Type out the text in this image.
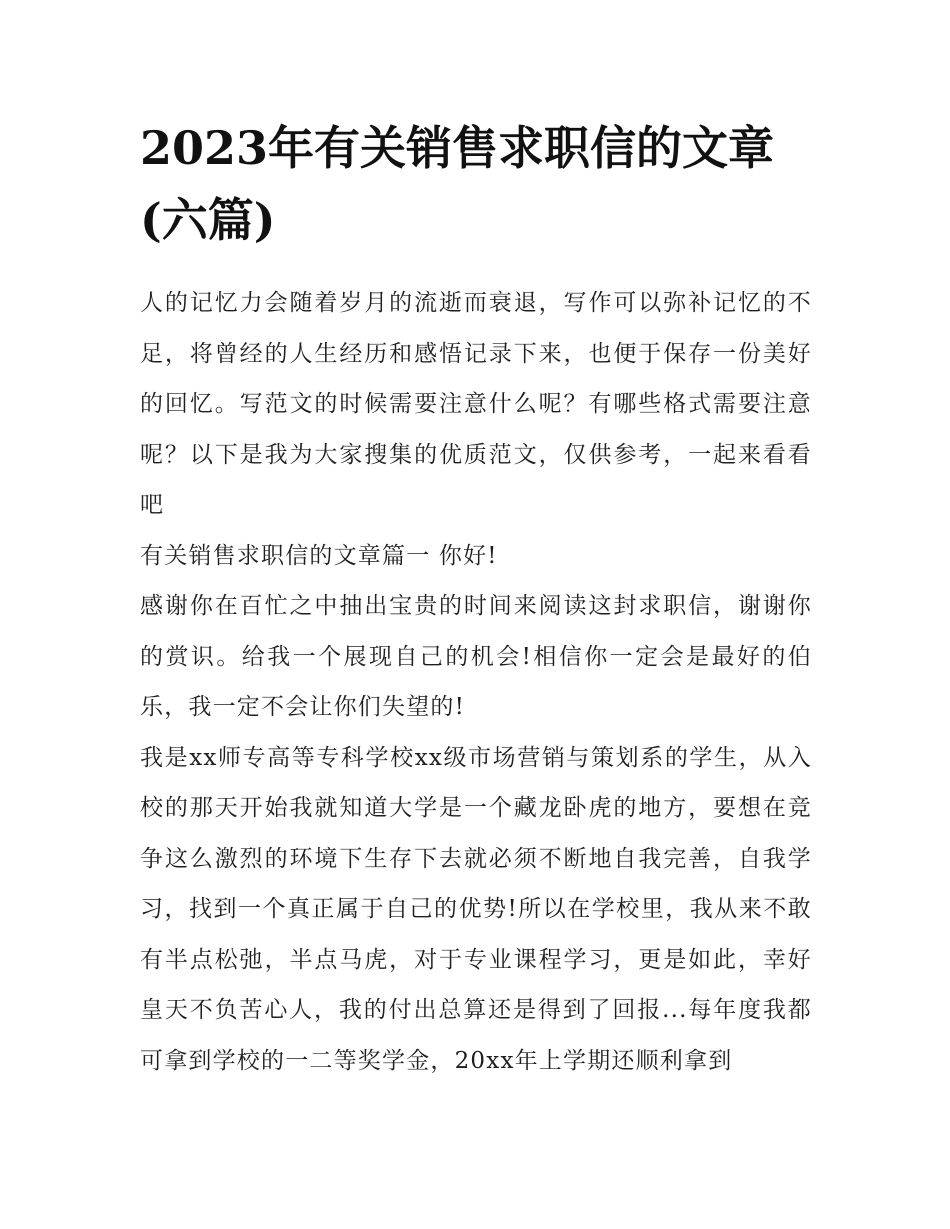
2023年有关销售求职信的文章(六篇)

人的记忆力会随着岁月的流逝而衰退，写作可以弥补记忆的不足，将曾经的人生经历和感悟记录下来，也便于保存一份美好的回忆。写范文的时候需要注意什么呢？有哪些格式需要注意呢？以下是我为大家搜集的优质范文，仅供参考，一起来看看吧

有关销售求职信的文章篇一 你好!

感谢你在百忙之中抽出宝贵的时间来阅读这封求职信，谢谢你的赏识。给我一个展现自己的机会!相信你一定会是最好的伯乐，我一定不会让你们失望的!

我是xx师专高等专科学校xx级市场营销与策划系的学生，从入校的那天开始我就知道大学是一个藏龙卧虎的地方，要想在竞争这么激烈的环境下生存下去就必须不断地自我完善，自我学习，找到一个真正属于自己的优势!所以在学校里，我从来不敢有半点松弛，半点马虎，对于专业课程学习，更是如此，幸好皇天不负苦心人，我的付出总算还是得到了回报...每年度我都可拿到学校的一二等奖学金，20xx年上学期还顺利拿到
